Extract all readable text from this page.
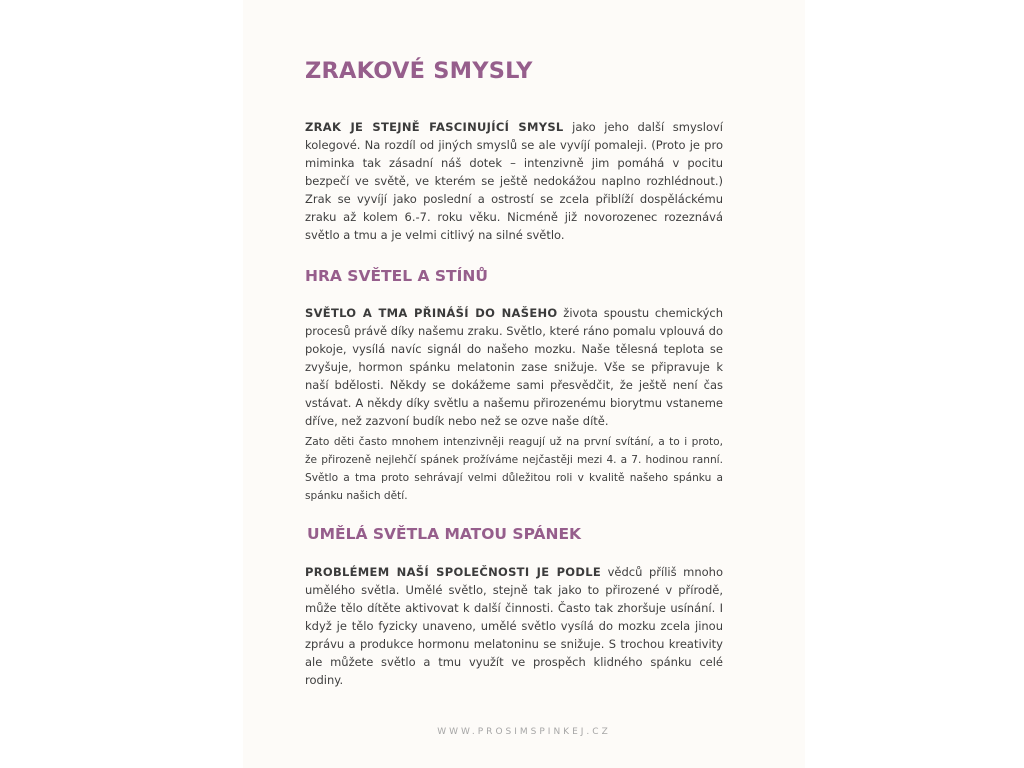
ZRAKOVÉ SMYSLY

ZRAK JE STEJNĚ FASCINUJÍCÍ SMYSL jako jeho další smysloví kolegové. Na rozdíl od jiných smyslů se ale vyvíjí pomaleji. (Proto je pro miminka tak zásadní náš dotek – intenzivně jim pomáhá v pocitu bezpečí ve světě, ve kterém se ještě nedokážou naplno rozhlédnout.) Zrak se vyvíjí jako poslední a ostrostí se zcela přiblíží dospěláckému zraku až kolem 6.-7. roku věku. Nicméně již novorozenec rozeznává světlo a tmu a je velmi citlivý na silné světlo.

HRA SVĚTEL A STÍNŮ

SVĚTLO A TMA PŘINÁŠÍ DO NAŠEHO života spoustu chemických procesů právě díky našemu zraku. Světlo, které ráno pomalu vplouvá do pokoje, vysílá navíc signál do našeho mozku. Naše tělesná teplota se zvyšuje, hormon spánku melatonin zase snižuje. Vše se připravuje k naší bdělosti. Někdy se dokážeme sami přesvědčit, že ještě není čas vstávat. A někdy díky světlu a našemu přirozenému biorytmu vstaneme dříve, než zazvoní budík nebo než se ozve naše dítě.

Zato děti často mnohem intenzivněji reagují už na první svítání, a to i proto, že přirozeně nejlehčí spánek prožíváme nejčastěji mezi 4. a 7. hodinou ranní. Světlo a tma proto sehrávají velmi důležitou roli v kvalitě našeho spánku a spánku našich dětí.

UMĚLÁ SVĚTLA MATOU SPÁNEK

PROBLÉMEM NAŠÍ SPOLEČNOSTI JE PODLE vědců příliš mnoho umělého světla. Umělé světlo, stejně tak jako to přirozené v přírodě, může tělo dítěte aktivovat k další činnosti. Často tak zhoršuje usínání. I když je tělo fyzicky unaveno, umělé světlo vysílá do mozku zcela jinou zprávu a produkce hormonu melatoninu se snižuje. S trochou kreativity ale můžete světlo a tmu využít ve prospěch klidného spánku celé rodiny.

WWW.PROSIMSPINKEJ.CZ
